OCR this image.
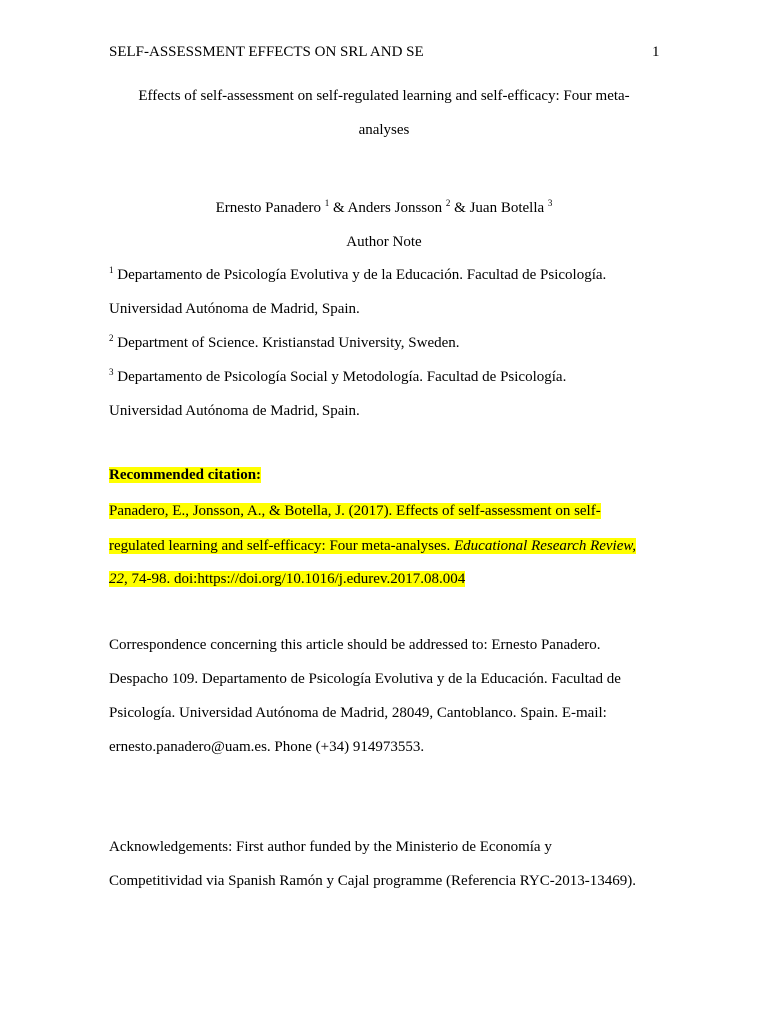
SELF-ASSESSMENT EFFECTS ON SRL AND SE	1
Effects of self-assessment on self-regulated learning and self-efficacy: Four meta-
analyses
Ernesto Panadero $^1$ & Anders Jonsson $^2$ & Juan Botella $^3$
Author Note
$^1$ Departamento de Psicología Evolutiva y de la Educación. Facultad de Psicología.
Universidad Autónoma de Madrid, Spain.
$^2$ Department of Science. Kristianstad University, Sweden.
$^3$ Departamento de Psicología Social y Metodología. Facultad de Psicología.
Universidad Autónoma de Madrid, Spain.
Recommended citation:
Panadero, E., Jonsson, A., & Botella, J. (2017). Effects of self-assessment on self-
regulated learning and self-efficacy: Four meta-analyses. Educational Research Review,
22, 74-98. doi:https://doi.org/10.1016/j.edurev.2017.08.004
Correspondence concerning this article should be addressed to: Ernesto Panadero.
Despacho 109. Departamento de Psicología Evolutiva y de la Educación. Facultad de
Psicología. Universidad Autónoma de Madrid, 28049, Cantoblanco. Spain. E-mail:
ernesto.panadero@uam.es. Phone (+34) 914973553.
Acknowledgements: First author funded by the Ministerio de Economía y
Competitividad via Spanish Ramón y Cajal programme (Referencia RYC-2013-13469).
